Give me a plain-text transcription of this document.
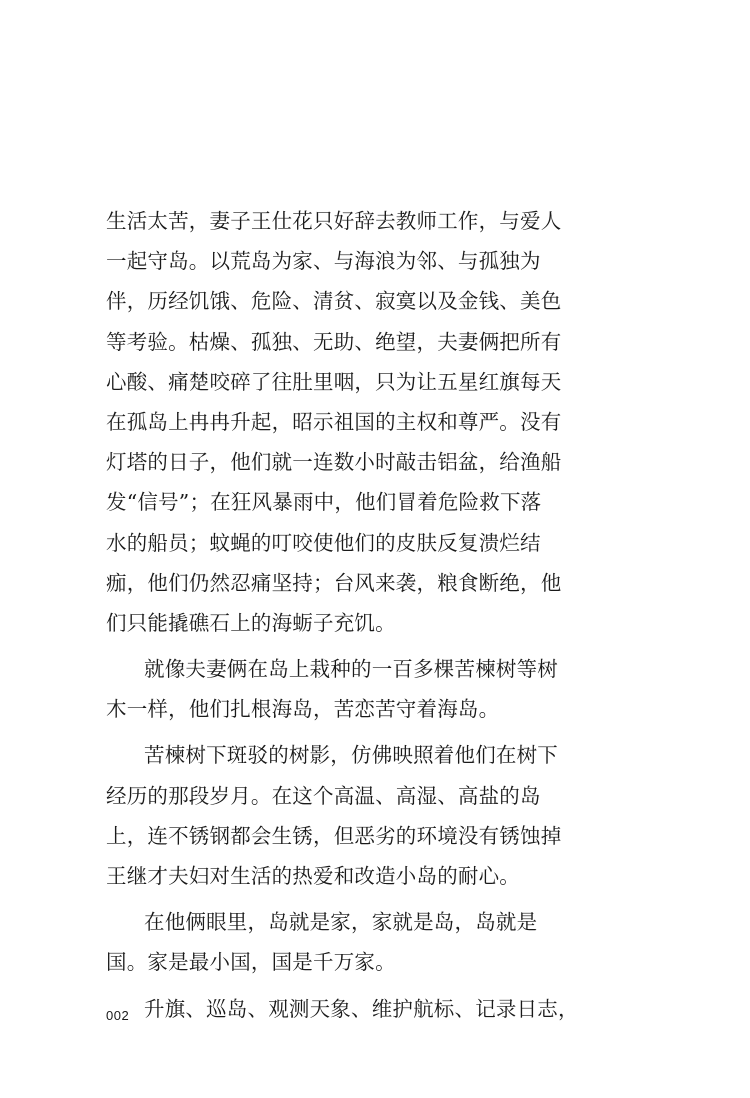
生活太苦，妻子王仕花只好辞去教师工作，与爱人
一起守岛。以荒岛为家、与海浪为邻、与孤独为
伴，历经饥饿、危险、清贫、寂寞以及金钱、美色
等考验。枯燥、孤独、无助、绝望，夫妻俩把所有
心酸、痛楚咬碎了往肚里咽，只为让五星红旗每天
在孤岛上冉冉升起，昭示祖国的主权和尊严。没有
灯塔的日子，他们就一连数小时敲击铝盆，给渔船
发“信号”；在狂风暴雨中，他们冒着危险救下落
水的船员；蚊蝇的叮咬使他们的皮肤反复溃烂结
痂，他们仍然忍痛坚持；台风来袭，粮食断绝，他
们只能撬礁石上的海蛎子充饥。
就像夫妻俩在岛上栽种的一百多棵苦楝树等树
木一样，他们扎根海岛，苦恋苦守着海岛。
苦楝树下斑驳的树影，仿佛映照着他们在树下
经历的那段岁月。在这个高温、高湿、高盐的岛
上，连不锈钢都会生锈，但恶劣的环境没有锈蚀掉
王继才夫妇对生活的热爱和改造小岛的耐心。
在他俩眼里，岛就是家，家就是岛，岛就是
国。家是最小国，国是千万家。
升旗、巡岛、观测天象、维护航标、记录日志，
002
